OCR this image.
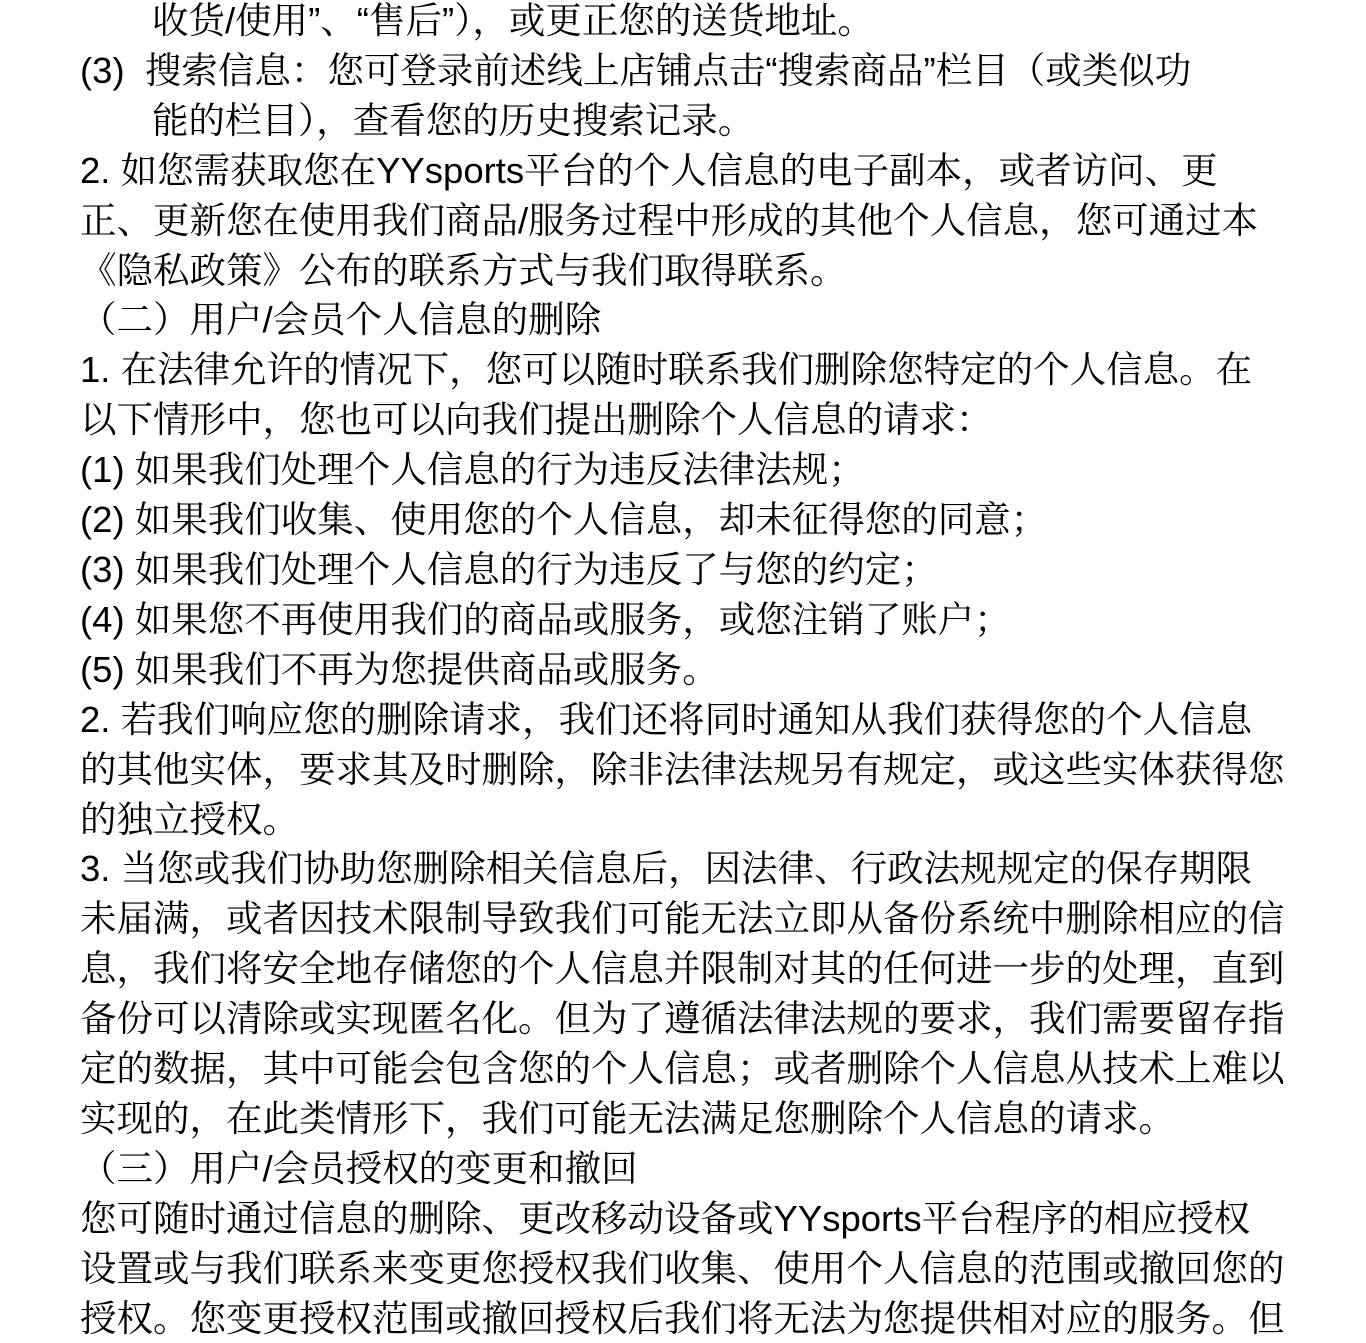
收货/使用”、“售后”），或更正您的送货地址。
(3)  搜索信息：您可登录前述线上店铺点击“搜索商品”栏目（或类似功
能的栏目），查看您的历史搜索记录。
2. 如您需获取您在YYsports平台的个人信息的电子副本，或者访问、更
正、更新您在使用我们商品/服务过程中形成的其他个人信息，您可通过本
《隐私政策》公布的联系方式与我们取得联系。
（二）用户/会员个人信息的删除
1. 在法律允许的情况下，您可以随时联系我们删除您特定的个人信息。在
以下情形中，您也可以向我们提出删除个人信息的请求：
(1) 如果我们处理个人信息的行为违反法律法规；
(2) 如果我们收集、使用您的个人信息，却未征得您的同意；
(3) 如果我们处理个人信息的行为违反了与您的约定；
(4) 如果您不再使用我们的商品或服务，或您注销了账户；
(5) 如果我们不再为您提供商品或服务。
2. 若我们响应您的删除请求，我们还将同时通知从我们获得您的个人信息
的其他实体，要求其及时删除，除非法律法规另有规定，或这些实体获得您
的独立授权。
3. 当您或我们协助您删除相关信息后，因法律、行政法规规定的保存期限
未届满，或者因技术限制导致我们可能无法立即从备份系统中删除相应的信
息，我们将安全地存储您的个人信息并限制对其的任何进一步的处理，直到
备份可以清除或实现匿名化。但为了遵循法律法规的要求，我们需要留存指
定的数据，其中可能会包含您的个人信息；或者删除个人信息从技术上难以
实现的，在此类情形下，我们可能无法满足您删除个人信息的请求。
（三）用户/会员授权的变更和撤回
您可随时通过信息的删除、更改移动设备或YYsports平台程序的相应授权
设置或与我们联系来变更您授权我们收集、使用个人信息的范围或撤回您的
授权。您变更授权范围或撤回授权后我们将无法为您提供相对应的服务。但
